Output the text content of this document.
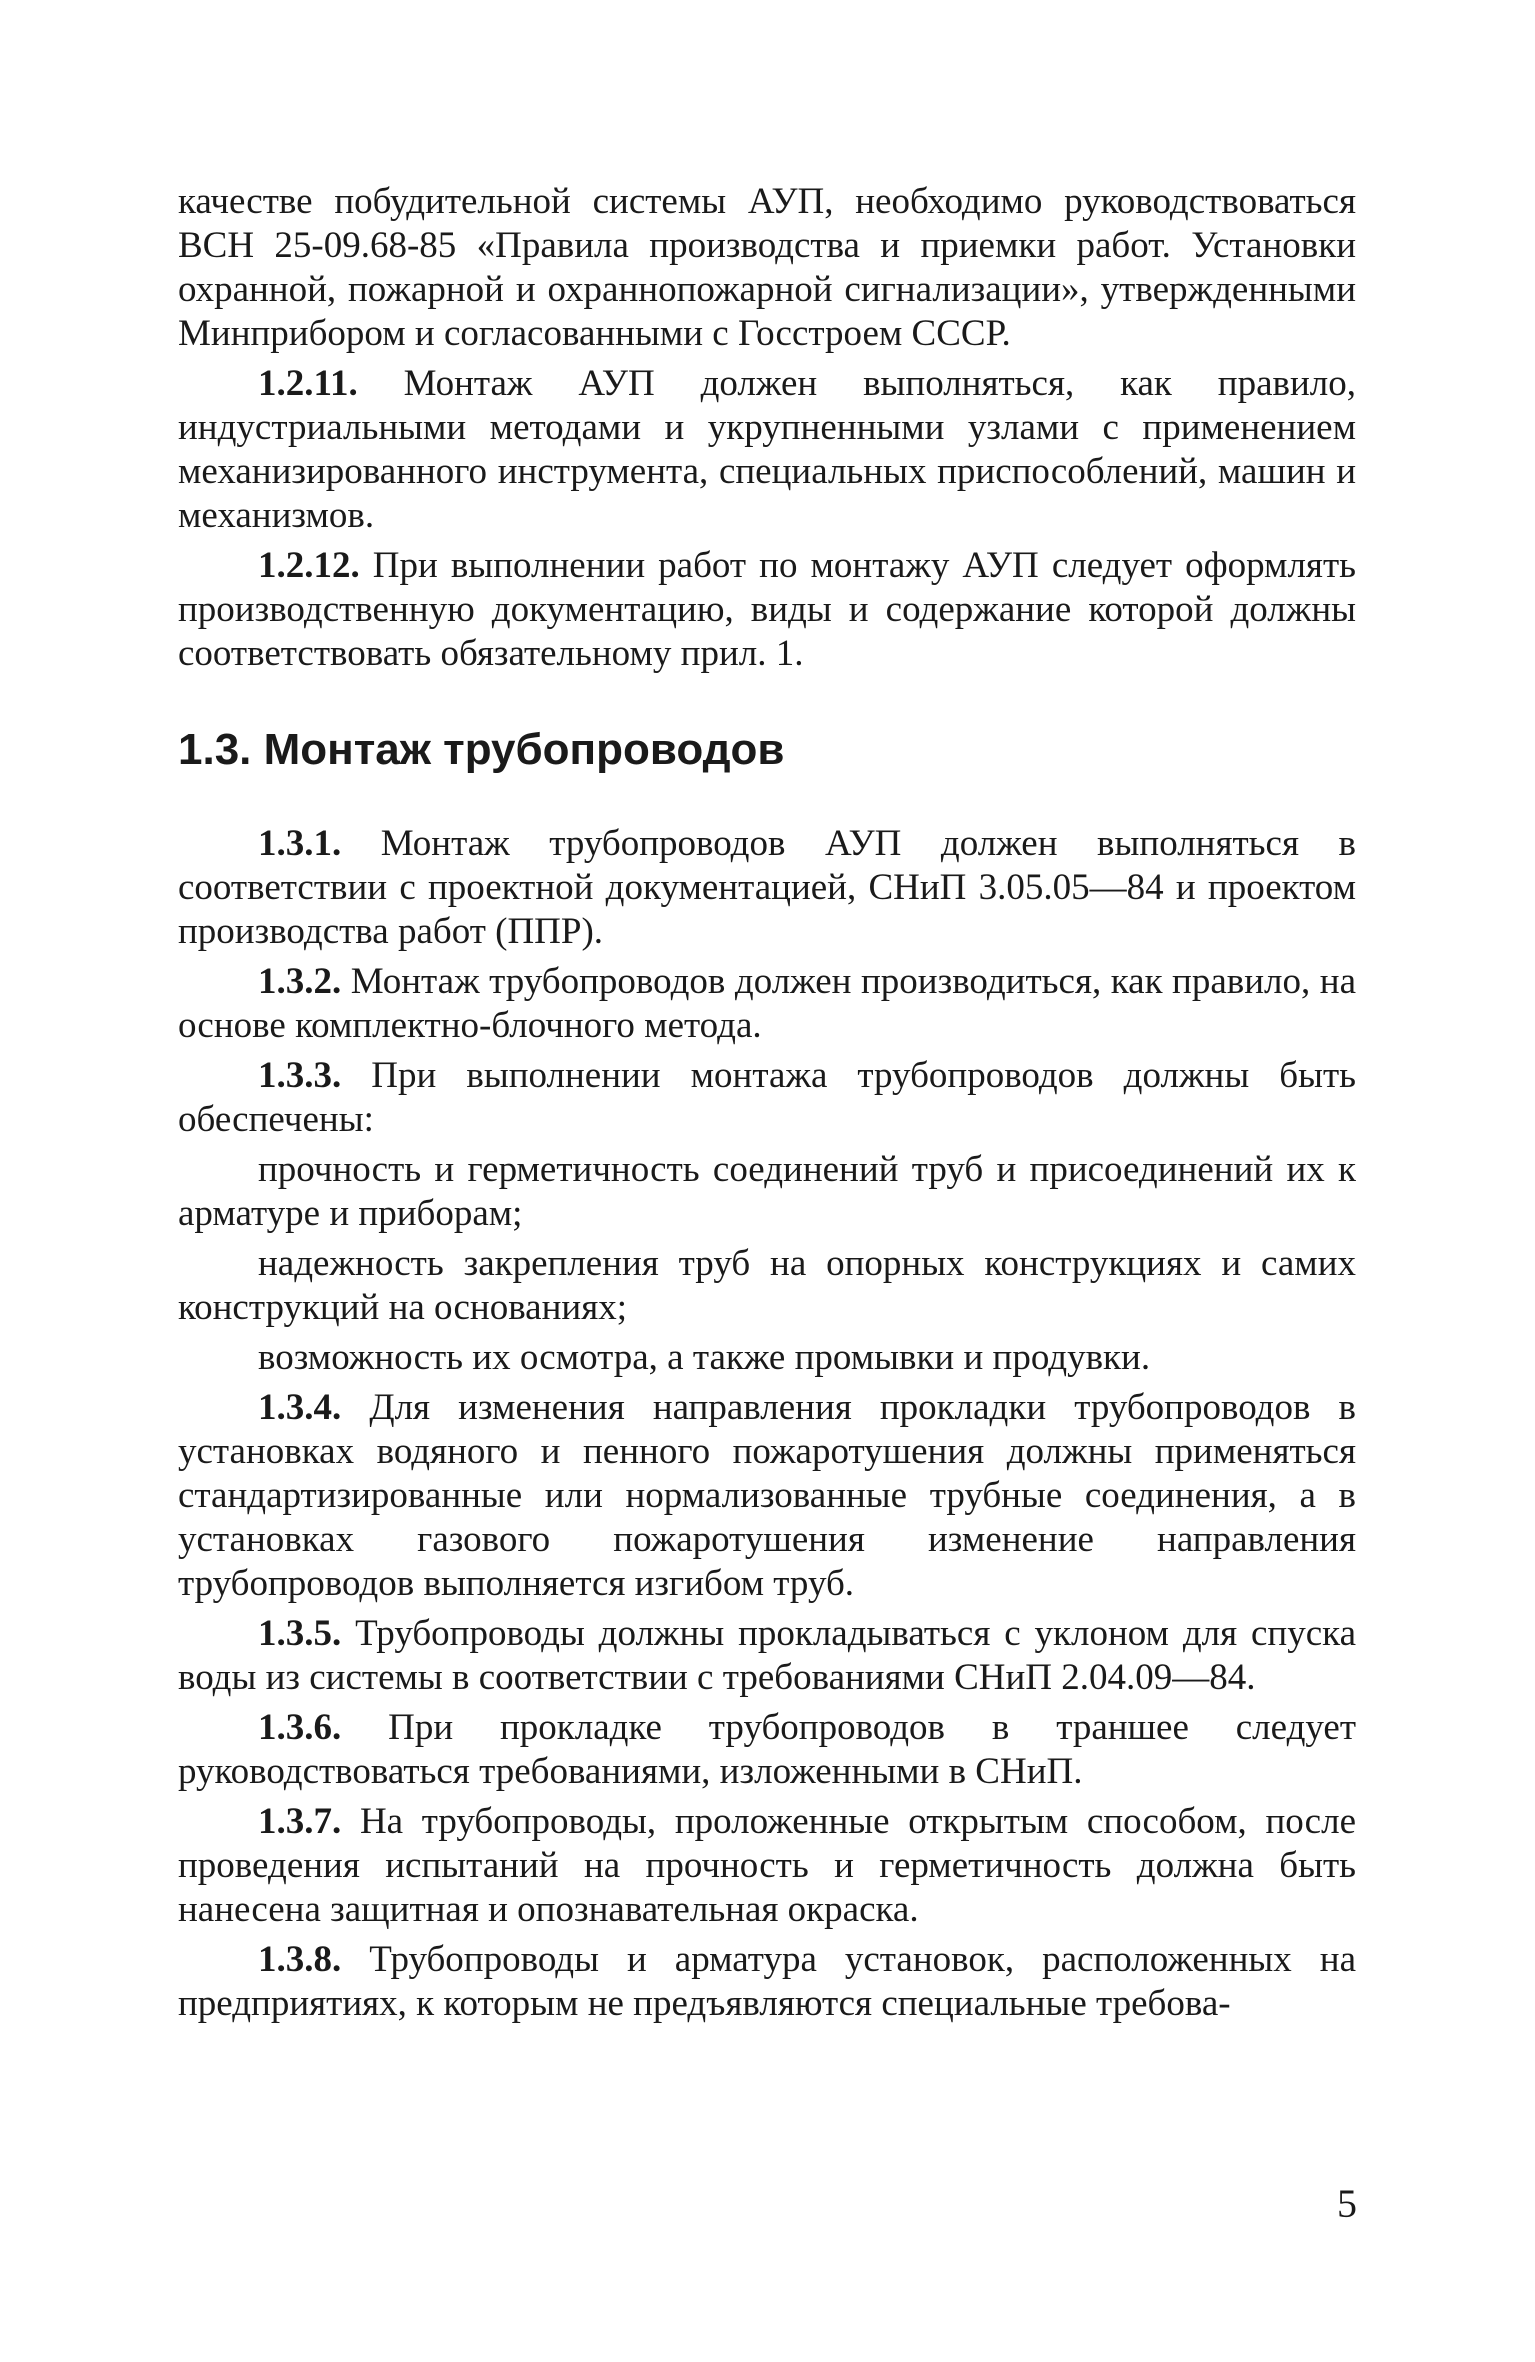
качестве побудительной системы АУП, необходимо руководствоваться ВСН 25-09.68-85 «Правила производства и приемки работ. Установки охранной, пожарной и охраннопожарной сигнализации», утвержденными Минприбором и согласованными с Госстроем СССР.

1.2.11. Монтаж АУП должен выполняться, как правило, индустриальными методами и укрупненными узлами с применением механизированного инструмента, специальных приспособлений, машин и механизмов.

1.2.12. При выполнении работ по монтажу АУП следует оформлять производственную документацию, виды и содержание которой должны соответствовать обязательному прил. 1.

1.3. Монтаж трубопроводов

1.3.1. Монтаж трубопроводов АУП должен выполняться в соответствии с проектной документацией, СНиП 3.05.05—84 и проектом производства работ (ППР).

1.3.2. Монтаж трубопроводов должен производиться, как правило, на основе комплектно-блочного метода.

1.3.3. При выполнении монтажа трубопроводов должны быть обеспечены:

прочность и герметичность соединений труб и присоединений их к арматуре и приборам;

надежность закрепления труб на опорных конструкциях и самих конструкций на основаниях;

возможность их осмотра, а также промывки и продувки.

1.3.4. Для изменения направления прокладки трубопроводов в установках водяного и пенного пожаротушения должны применяться стандартизированные или нормализованные трубные соединения, а в установках газового пожаротушения изменение направления трубопроводов выполняется изгибом труб.

1.3.5. Трубопроводы должны прокладываться с уклоном для спуска воды из системы в соответствии с требованиями СНиП 2.04.09—84.

1.3.6. При прокладке трубопроводов в траншее следует руководствоваться требованиями, изложенными в СНиП.

1.3.7. На трубопроводы, проложенные открытым способом, после проведения испытаний на прочность и герметичность должна быть нанесена защитная и опознавательная окраска.

1.3.8. Трубопроводы и арматура установок, расположенных на предприятиях, к которым не предъявляются специальные требова-

5
